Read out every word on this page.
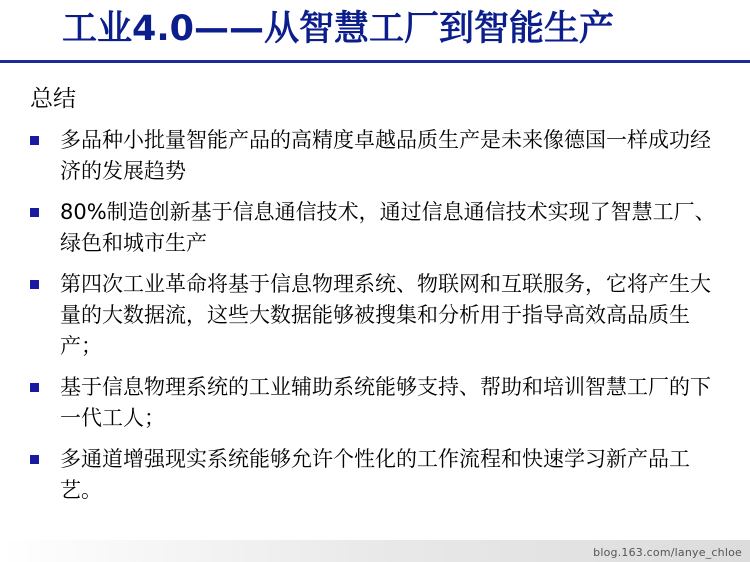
工业4.0——从智慧工厂到智能生产
总结
多品种小批量智能产品的高精度卓越品质生产是未来像德国一样成功经济的发展趋势
80%制造创新基于信息通信技术，通过信息通信技术实现了智慧工厂、绿色和城市生产
第四次工业革命将基于信息物理系统、物联网和互联服务，它将产生大量的大数据流，这些大数据能够被搜集和分析用于指导高效高品质生产；
基于信息物理系统的工业辅助系统能够支持、帮助和培训智慧工厂的下一代工人；
多通道增强现实系统能够允许个性化的工作流程和快速学习新产品工艺。
blog.163.com/lanye_chloe
